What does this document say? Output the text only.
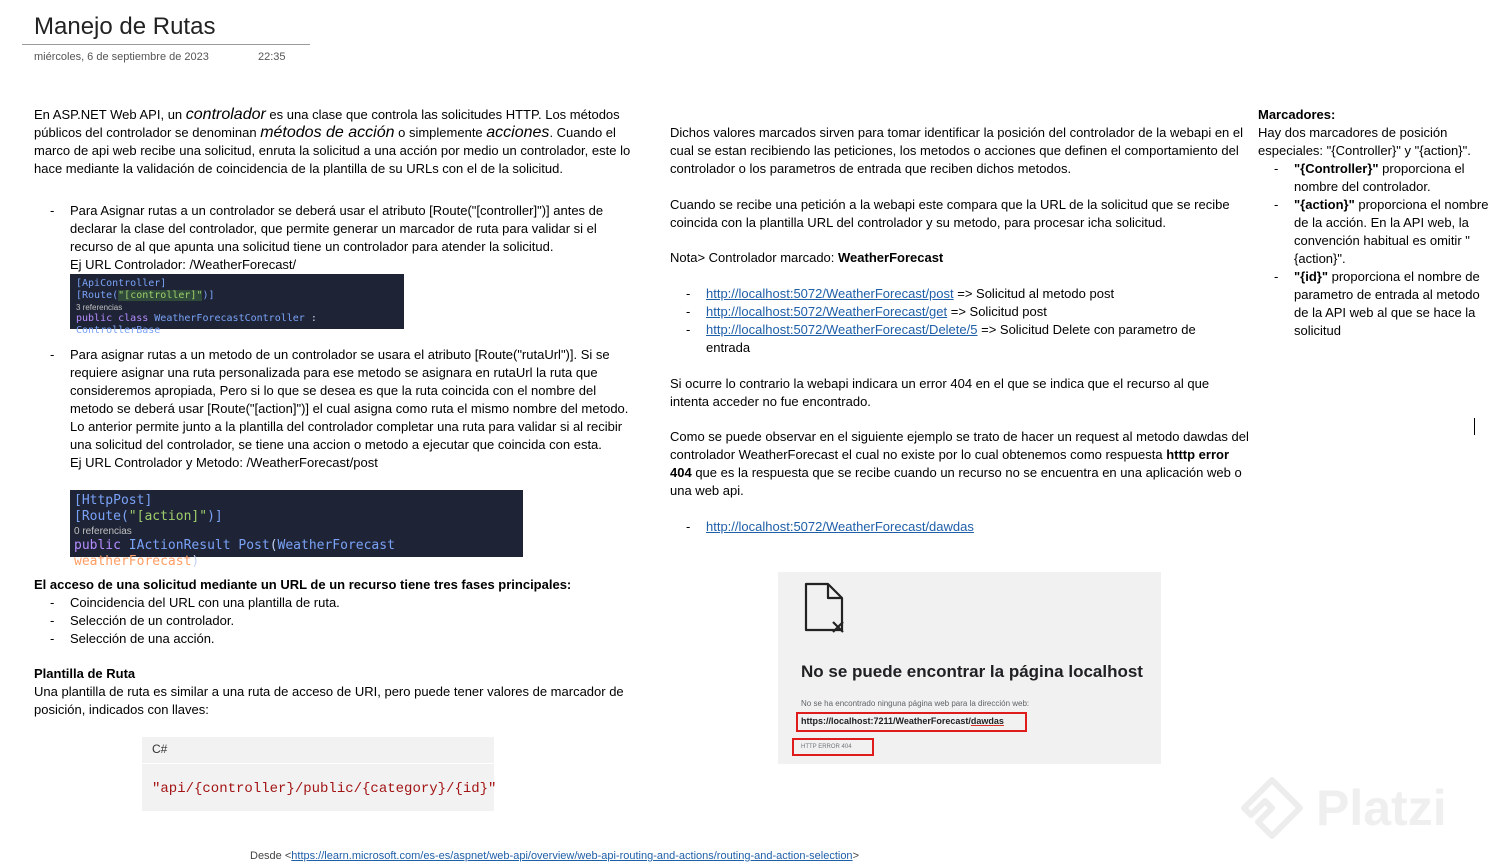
Manejo de Rutas
miércoles, 6 de septiembre de 2023	22:35
En ASP.NET Web API, un controlador es una clase que controla las solicitudes HTTP. Los métodos públicos del controlador se denominan métodos de acción o simplemente acciones. Cuando el marco de api web recibe una solicitud, enruta la solicitud a una acción por medio un controlador, este lo hace mediante la validación de coincidencia de la plantilla de su URLs con el de la solicitud.
- Para Asignar rutas a un controlador se deberá usar el atributo [Route("[controller]")] antes de declarar la clase del controlador, que permite generar un marcador de ruta para validar si el recurso de al que apunta una solicitud tiene un controlador para atender la solicitud.
Ej URL Controlador: /WeatherForecast/
[ApiController]
[Route("[controller]")]
3 referencias
public class WeatherForecastController : ControllerBase
- Para asignar rutas a un metodo de un controlador se usara el atributo [Route("rutaUrl")]. Si se requiere asignar una ruta personalizada para ese metodo se asignara en rutaUrl la ruta que consideremos apropiada, Pero si lo que se desea es que la ruta coincida con el nombre del metodo se deberá usar [Route("[action]")] el cual asigna como ruta el mismo nombre del metodo. Lo anterior permite junto a la plantilla del controlador completar una ruta para validar si al recibir una solicitud del controlador, se tiene una accion o metodo a ejecutar que coincida con esta.
Ej URL Controlador y Metodo: /WeatherForecast/post
[HttpPost]
[Route("[action]")]
0 referencias
public IActionResult Post(WeatherForecast weatherForecast)
El acceso de una solicitud mediante un URL de un recurso tiene tres fases principales:
- Coincidencia del URL con una plantilla de ruta.
- Selección de un controlador.
- Selección de una acción.
Plantilla de Ruta
Una plantilla de ruta es similar a una ruta de acceso de URI, pero puede tener valores de marcador de posición, indicados con llaves:
C#
"api/{controller}/public/{category}/{id}"
Dichos valores marcados sirven para tomar identificar la posición del controlador de la webapi en el cual se estan recibiendo las peticiones, los metodos o acciones que definen el comportamiento del controlador o los parametros de entrada que reciben dichos metodos.
Cuando se recibe una petición a la webapi este compara que la URL de la solicitud que se recibe coincida con la plantilla URL del controlador y su metodo, para procesar icha solicitud.
Nota> Controlador marcado: WeatherForecast
- http://localhost:5072/WeatherForecast/post => Solicitud al metodo post
- http://localhost:5072/WeatherForecast/get => Solicitud post
- http://localhost:5072/WeatherForecast/Delete/5 => Solicitud Delete con parametro de entrada
Si ocurre lo contrario la webapi indicara un error 404 en el que se indica que el recurso al que intenta acceder no fue encontrado.
Como se puede observar en el siguiente ejemplo se trato de hacer un request al metodo dawdas del controlador WeatherForecast el cual no existe por lo cual obtenemos como respuesta htttp error 404 que es la respuesta que se recibe cuando un recurso no se encuentra en una aplicación web o una web api.
- http://localhost:5072/WeatherForecast/dawdas
No se puede encontrar la página localhost
No se ha encontrado ninguna página web para la dirección web:
https://localhost:7211/WeatherForecast/dawdas
HTTP ERROR 404
Marcadores:
Hay dos marcadores de posición especiales: "{Controller}" y "{action}".
- "{Controller}" proporciona el nombre del controlador.
- "{action}" proporciona el nombre de la acción. En la API web, la convención habitual es omitir "{action}".
- "{id}" proporciona el nombre de parametro de entrada al metodo de la API web al que se hace la solicitud
Desde <https://learn.microsoft.com/es-es/aspnet/web-api/overview/web-api-routing-and-actions/routing-and-action-selection>
Platzi
